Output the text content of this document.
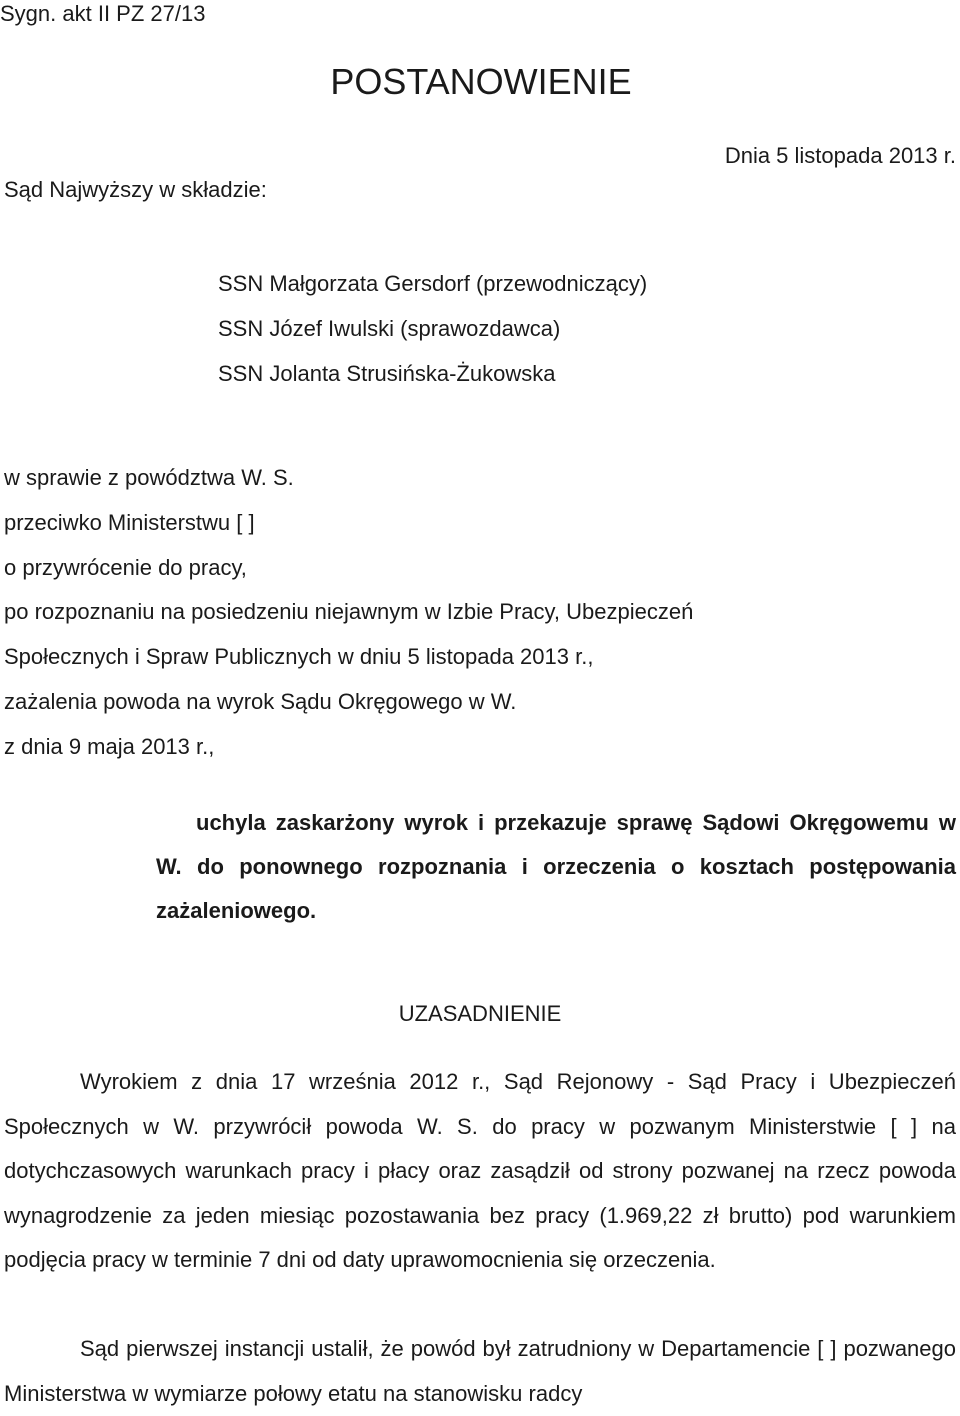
Sygn. akt II PZ 27/13
POSTANOWIENIE
Dnia 5 listopada 2013 r.
Sąd Najwyższy w składzie:
SSN Małgorzata Gersdorf (przewodniczący)
SSN Józef Iwulski (sprawozdawca)
SSN Jolanta Strusińska-Żukowska
w sprawie z powództwa W. S.
przeciwko Ministerstwu [ ]
o przywrócenie do pracy,
po rozpoznaniu na posiedzeniu niejawnym w Izbie Pracy, Ubezpieczeń
Społecznych i Spraw Publicznych w dniu 5 listopada 2013 r.,
zażalenia powoda na wyrok Sądu Okręgowego w W.
z dnia 9 maja 2013 r.,
uchyla zaskarżony wyrok i przekazuje sprawę Sądowi Okręgowemu w W. do ponownego rozpoznania i orzeczenia o kosztach postępowania zażaleniowego.
UZASADNIENIE
Wyrokiem z dnia 17 września 2012 r., Sąd Rejonowy - Sąd Pracy i Ubezpieczeń Społecznych w W. przywrócił powoda W. S. do pracy w pozwanym Ministerstwie [ ] na dotychczasowych warunkach pracy i płacy oraz zasądził od strony pozwanej na rzecz powoda wynagrodzenie za jeden miesiąc pozostawania bez pracy (1.969,22 zł brutto) pod warunkiem podjęcia pracy w terminie 7 dni od daty uprawomocnienia się orzeczenia.
Sąd pierwszej instancji ustalił, że powód był zatrudniony w Departamencie [ ] pozwanego Ministerstwa w wymiarze połowy etatu na stanowisku radcy
